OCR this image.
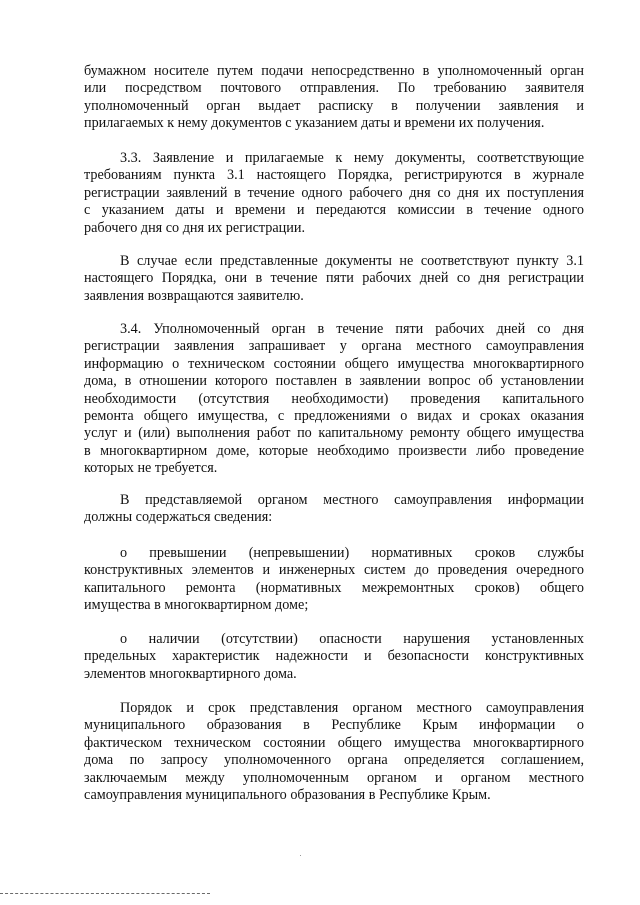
бумажном носителе путем подачи непосредственно в уполномоченный орган
или посредством почтового отправления. По требованию заявителя
уполномоченный орган выдает расписку в получении заявления и
прилагаемых к нему документов с указанием даты и времени их получения.
3.3. Заявление и прилагаемые к нему документы, соответствующие
требованиям пункта 3.1 настоящего Порядка, регистрируются в журнале
регистрации заявлений в течение одного рабочего дня со дня их поступления
с указанием даты и времени и передаются комиссии в течение одного
рабочего дня со дня их регистрации.
В случае если представленные документы не соответствуют пункту 3.1
настоящего Порядка, они в течение пяти рабочих дней со дня регистрации
заявления возвращаются заявителю.
3.4. Уполномоченный орган в течение пяти рабочих дней со дня
регистрации заявления запрашивает у органа местного самоуправления
информацию о техническом состоянии общего имущества многоквартирного
дома, в отношении которого поставлен в заявлении вопрос об установлении
необходимости (отсутствия необходимости) проведения капитального
ремонта общего имущества, с предложениями о видах и сроках оказания
услуг и (или) выполнения работ по капитальному ремонту общего имущества
в многоквартирном доме, которые необходимо произвести либо проведение
которых не требуется.
В представляемой органом местного самоуправления информации
должны содержаться сведения:
о превышении (непревышении) нормативных сроков службы
конструктивных элементов и инженерных систем до проведения очередного
капитального ремонта (нормативных межремонтных сроков) общего
имущества в многоквартирном доме;
о наличии (отсутствии) опасности нарушения установленных
предельных характеристик надежности и безопасности конструктивных
элементов многоквартирного дома.
Порядок и срок представления органом местного самоуправления
муниципального образования в Республике Крым информации о
фактическом техническом состоянии общего имущества многоквартирного
дома по запросу уполномоченного органа определяется соглашением,
заключаемым между уполномоченным органом и органом местного
самоуправления муниципального образования в Республике Крым.
